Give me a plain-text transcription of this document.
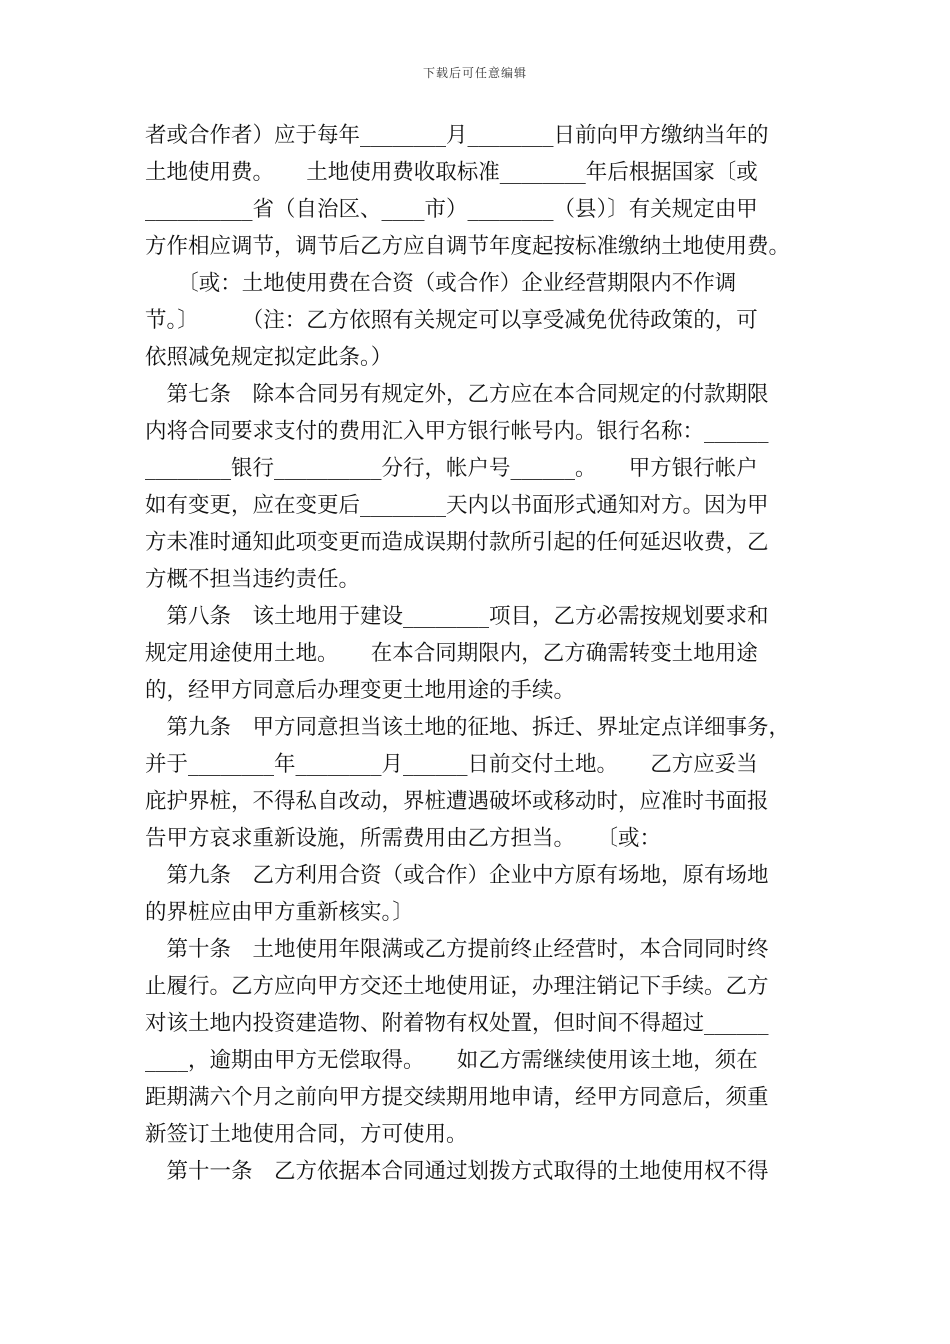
下载后可任意编辑
者或合作者）应于每年________月________日前向甲方缴纳当年的
土地使用费。　　土地使用费收取标准________年后根据国家〔或
__________省（自治区、____市）________（县）〕有关规定由甲
方作相应调节，调节后乙方应自调节年度起按标准缴纳土地使用费。
　　〔或：土地使用费在合资（或合作）企业经营期限内不作调
节。〕　　　（注：乙方依照有关规定可以享受减免优待政策的，可
依照减免规定拟定此条。）
　第七条　除本合同另有规定外，乙方应在本合同规定的付款期限
内将合同要求支付的费用汇入甲方银行帐号内。银行名称：______
________银行__________分行，帐户号______。　　甲方银行帐户
如有变更，应在变更后________天内以书面形式通知对方。因为甲
方未准时通知此项变更而造成误期付款所引起的任何延迟收费，乙
方概不担当违约责任。
　第八条　该土地用于建设________项目，乙方必需按规划要求和
规定用途使用土地。　　在本合同期限内，乙方确需转变土地用途
的，经甲方同意后办理变更土地用途的手续。
　第九条　甲方同意担当该土地的征地、拆迁、界址定点详细事务，
并于________年________月______日前交付土地。　　乙方应妥当
庇护界桩，不得私自改动，界桩遭遇破坏或移动时，应准时书面报
告甲方哀求重新设施，所需费用由乙方担当。　　〔或：
　第九条　乙方利用合资（或合作）企业中方原有场地，原有场地
的界桩应由甲方重新核实。〕
　第十条　土地使用年限满或乙方提前终止经营时，本合同同时终
止履行。乙方应向甲方交还土地使用证，办理注销记下手续。乙方
对该土地内投资建造物、附着物有权处置，但时间不得超过______
____，逾期由甲方无偿取得。　　如乙方需继续使用该土地，须在
距期满六个月之前向甲方提交续期用地申请，经甲方同意后，须重
新签订土地使用合同，方可使用。
　第十一条　乙方依据本合同通过划拨方式取得的土地使用权不得
